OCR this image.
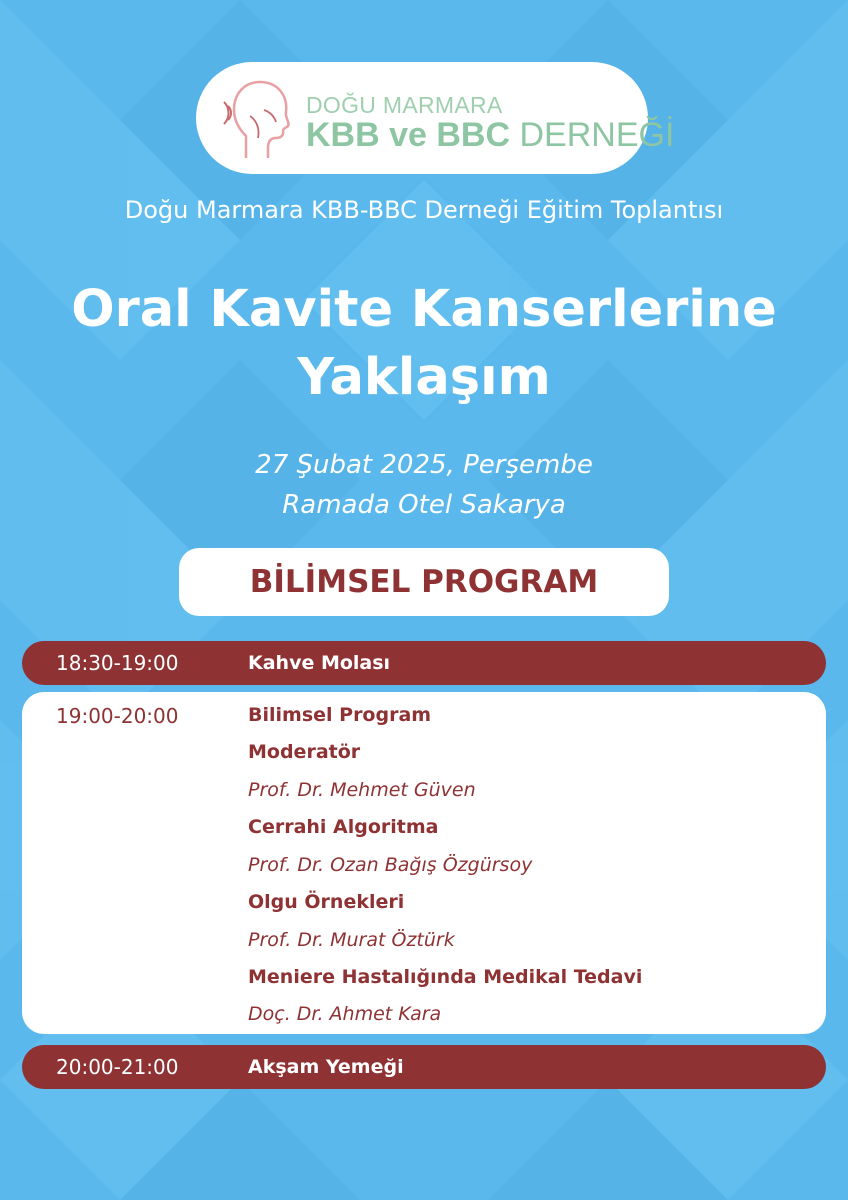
DOĞU MARMARA
KBB ve BBC DERNEĞİ
Doğu Marmara KBB-BBC Derneği Eğitim Toplantısı
Oral Kavite Kanserlerine
Yaklaşım
27 Şubat 2025, Perşembe
Ramada Otel Sakarya
BİLİMSEL PROGRAM
18:30-19:00	Kahve Molası
19:00-20:00	Bilimsel Program
Moderatör
Prof. Dr. Mehmet Güven
Cerrahi Algoritma
Prof. Dr. Ozan Bağış Özgürsoy
Olgu Örnekleri
Prof. Dr. Murat Öztürk
Meniere Hastalığında Medikal Tedavi
Doç. Dr. Ahmet Kara
20:00-21:00	Akşam Yemeği
